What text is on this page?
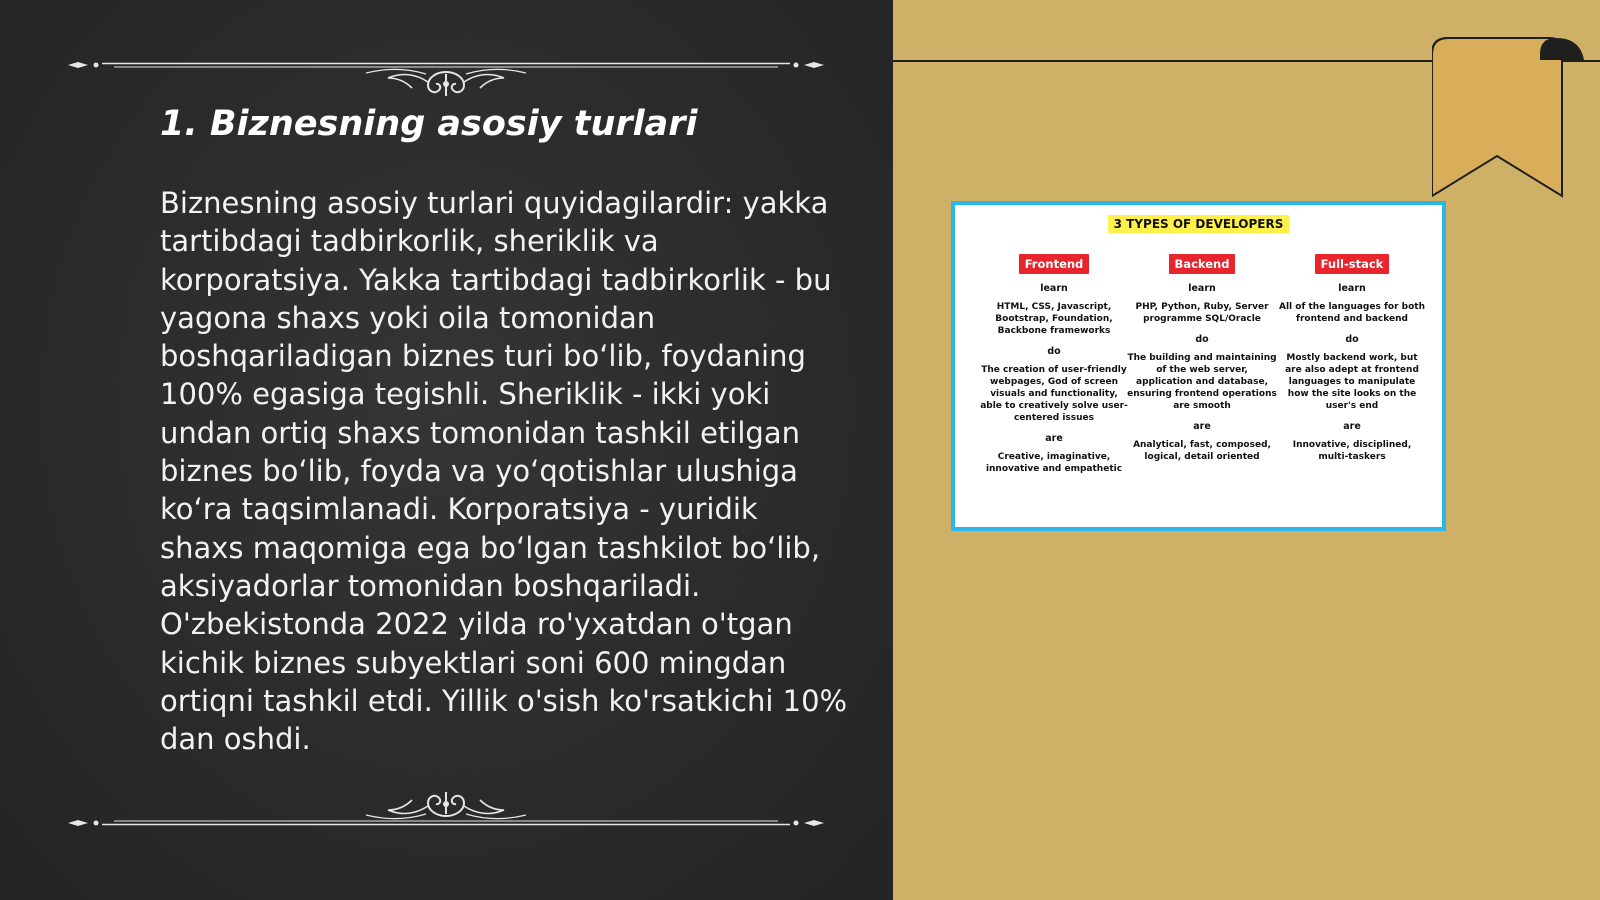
1. Biznesning asosiy turlari

Biznesning asosiy turlari quyidagilardir: yakka tartibdagi tadbirkorlik, sheriklik va korporatsiya. Yakka tartibdagi tadbirkorlik - bu yagona shaxs yoki oila tomonidan boshqariladigan biznes turi bo‘lib, foydaning 100% egasiga tegishli. Sheriklik - ikki yoki undan ortiq shaxs tomonidan tashkil etilgan biznes bo‘lib, foyda va yo‘qotishlar ulushiga ko‘ra taqsimlanadi. Korporatsiya - yuridik shaxs maqomiga ega bo‘lgan tashkilot bo‘lib, aksiyadorlar tomonidan boshqariladi. O'zbekistonda 2022 yilda ro'yxatdan o'tgan kichik biznes subyektlari soni 600 mingdan ortiqni tashkil etdi. Yillik o'sish ko'rsatkichi 10% dan oshdi.

3 TYPES OF DEVELOPERS
Frontend
learn
HTML, CSS, Javascript, Bootstrap, Foundation, Backbone frameworks
do
The creation of user-friendly webpages, God of screen visuals and functionality, able to creatively solve user-centered issues
are
Creative, imaginative, innovative and empathetic
Backend
learn
PHP, Python, Ruby, Server programme SQL/Oracle
do
The building and maintaining of the web server, application and database, ensuring frontend operations are smooth
are
Analytical, fast, composed, logical, detail oriented
Full-stack
learn
All of the languages for both frontend and backend
do
Mostly backend work, but are also adept at frontend languages to manipulate how the site looks on the user's end
are
Innovative, disciplined, multi-taskers
